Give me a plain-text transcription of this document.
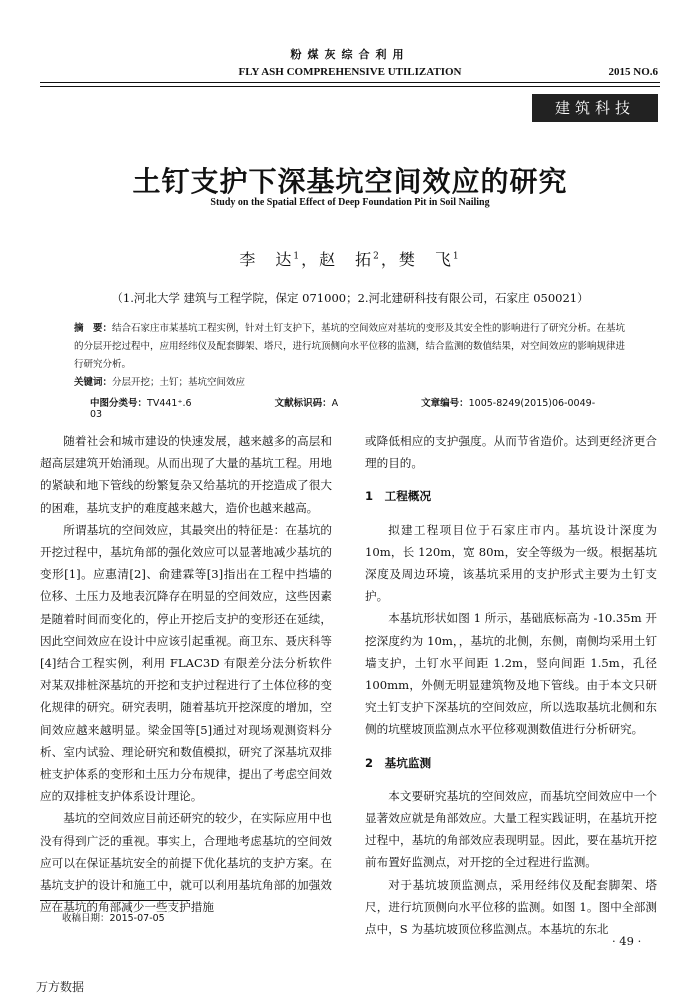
粉煤灰综合利用
FLY ASH COMPREHENSIVE UTILIZATION	2015 NO.6
建筑科技
土钉支护下深基坑空间效应的研究
Study on the Spatial Effect of Deep Foundation Pit in Soil Nailing
李　达$^1$，赵　拓$^2$，樊　飞$^1$
（1.河北大学 建筑与工程学院，保定 071000；2.河北建研科技有限公司，石家庄 050021）

摘　要：结合石家庄市某基坑工程实例，针对土钉支护下，基坑的空间效应对基坑的变形及其安全性的影响进行了研究分析。在基坑的分层开挖过程中，应用经纬仪及配套脚架、塔尺，进行坑顶侧向水平位移的监测，结合监测的数值结果，对空间效应的影响规律进行研究分析。

关键词：分层开挖；土钉；基坑空间效应

中图分类号：TV441⁺.6	文献标识码：A	文章编号：1005-8249(2015)06-0049-03

随着社会和城市建设的快速发展，越来越多的高层和超高层建筑开始涌现。从而出现了大量的基坑工程。用地的紧缺和地下管线的纷繁复杂又给基坑的开挖造成了很大的困难，基坑支护的难度越来越大，造价也越来越高。

所谓基坑的空间效应，其最突出的特征是：在基坑的开挖过程中，基坑角部的强化效应可以显著地减少基坑的变形[1]。应惠清[2]、俞建霖等[3]指出在工程中挡墙的位移、土压力及地表沉降存在明显的空间效应，这些因素是随着时间而变化的，停止开挖后支护的变形还在延续，因此空间效应在设计中应该引起重视。商卫东、聂庆科等[4]结合工程实例，利用 FLAC3D 有限差分法分析软件对某双排桩深基坑的开挖和支护过程进行了土体位移的变化规律的研究。研究表明，随着基坑开挖深度的增加，空间效应越来越明显。梁金国等[5]通过对现场观测资料分析、室内试验、理论研究和数值模拟，研究了深基坑双排桩支护体系的变形和土压力分布规律，提出了考虑空间效应的双排桩支护体系设计理论。

基坑的空间效应目前还研究的较少，在实际应用中也没有得到广泛的重视。事实上，合理地考虑基坑的空间效应可以在保证基坑安全的前提下优化基坑的支护方案。在基坑支护的设计和施工中，就可以利用基坑角部的加强效应在基坑的角部减少一些支护措施

或降低相应的支护强度。从而节省造价。达到更经济更合理的目的。

1　工程概况

拟建工程项目位于石家庄市内。基坑设计深度为 10m，长 120m，宽 80m，安全等级为一级。根据基坑深度及周边环境，该基坑采用的支护形式主要为土钉支护。

本基坑形状如图 1 所示，基础底标高为 -10.35m 开挖深度约为 10m，，基坑的北侧，东侧，南侧均采用土钉墙支护，土钉水平间距 1.2m，竖向间距 1.5m，孔径 100mm，外侧无明显建筑物及地下管线。由于本文只研究土钉支护下深基坑的空间效应，所以选取基坑北侧和东侧的坑壁坡顶监测点水平位移观测数值进行分析研究。

2　基坑监测

本文要研究基坑的空间效应，而基坑空间效应中一个显著效应就是角部效应。大量工程实践证明，在基坑开挖过程中，基坑的角部效应表现明显。因此，要在基坑开挖前布置好监测点，对开挖的全过程进行监测。

对于基坑坡顶监测点，采用经纬仪及配套脚架、塔尺，进行坑顶侧向水平位移的监测。如图 1。图中全部测点中，S 为基坑坡顶位移监测点。本基坑的东北

收稿日期：2015-07-05
· 49 ·
万方数据
